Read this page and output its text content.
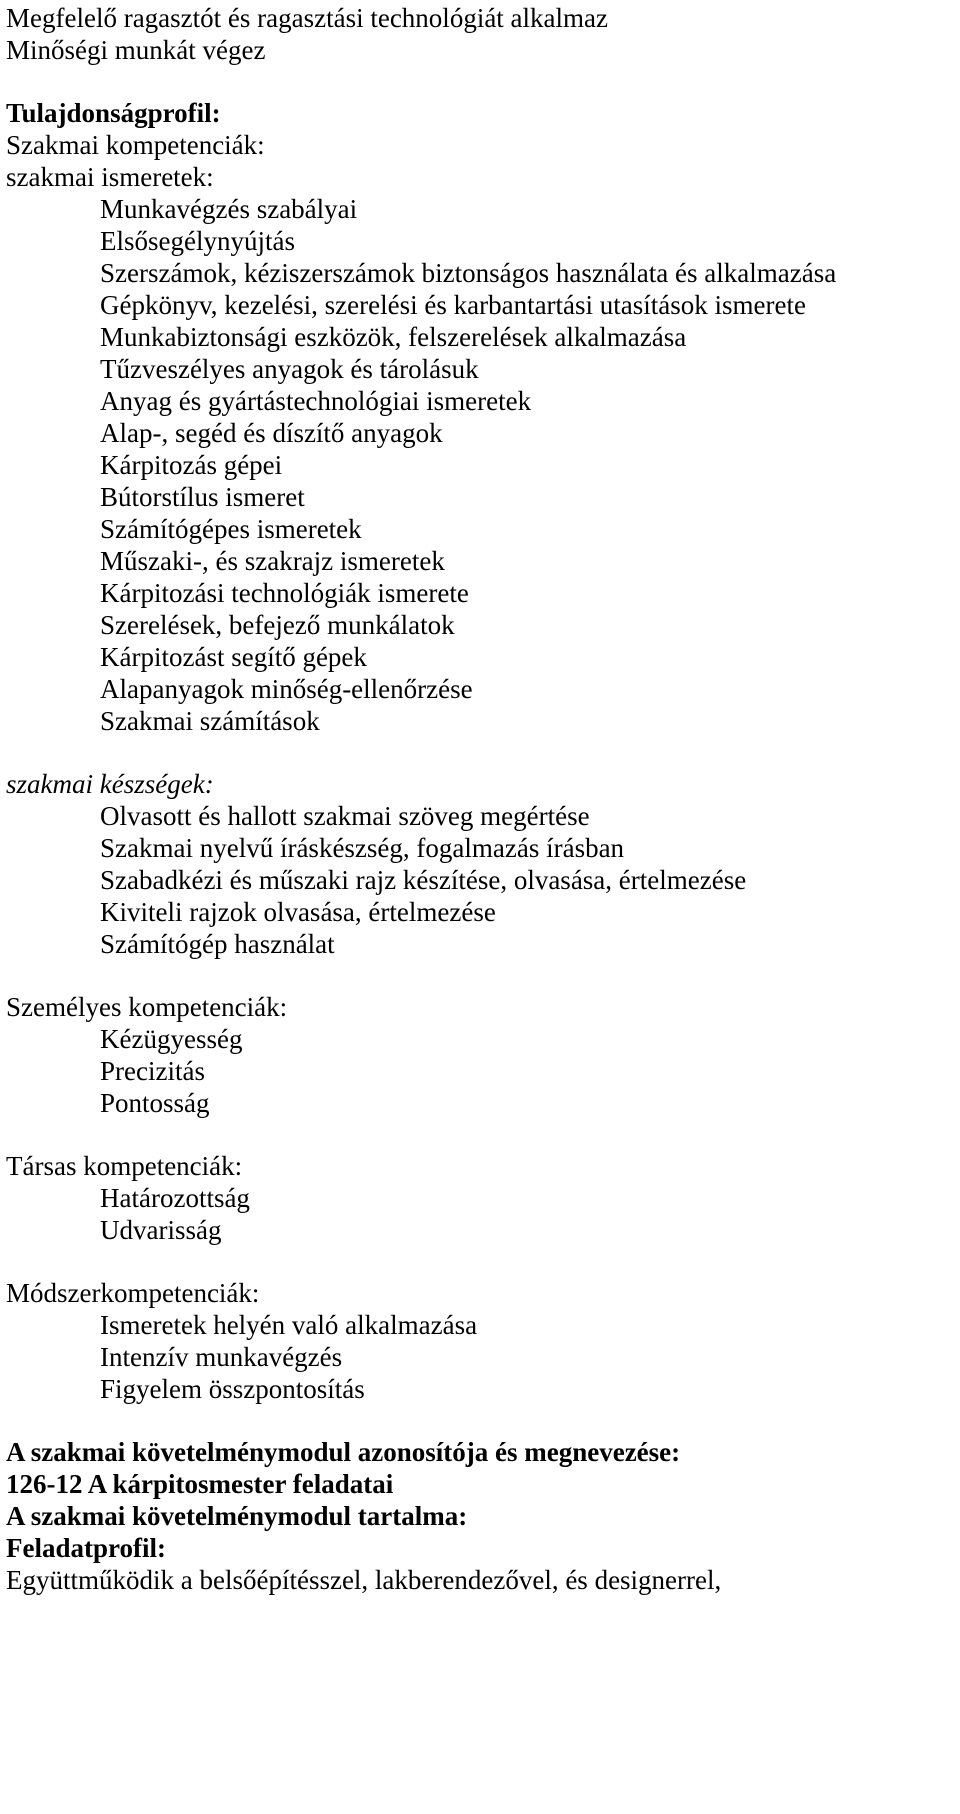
Megfelelő ragasztót és ragasztási technológiát alkalmaz
Minőségi munkát végez
Tulajdonságprofil:
Szakmai kompetenciák:
szakmai ismeretek:
Munkavégzés szabályai
Elsősegélynyújtás
Szerszámok, kéziszerszámok biztonságos használata és alkalmazása
Gépkönyv, kezelési, szerelési és karbantartási utasítások ismerete
Munkabiztonsági eszközök, felszerelések alkalmazása
Tűzveszélyes anyagok és tárolásuk
Anyag és gyártástechnológiai ismeretek
Alap-, segéd és díszítő anyagok
Kárpitozás gépei
Bútorstílus ismeret
Számítógépes ismeretek
Műszaki-, és szakrajz ismeretek
Kárpitozási technológiák ismerete
Szerelések, befejező munkálatok
Kárpitozást segítő gépek
Alapanyagok minőség-ellenőrzése
Szakmai számítások
szakmai készségek:
Olvasott és hallott szakmai szöveg megértése
Szakmai nyelvű íráskészség, fogalmazás írásban
Szabadkézi és műszaki rajz készítése, olvasása, értelmezése
Kiviteli rajzok olvasása, értelmezése
Számítógép használat
Személyes kompetenciák:
Kézügyesség
Precizitás
Pontosság
Társas kompetenciák:
Határozottság
Udvarisság
Módszerkompetenciák:
Ismeretek helyén való alkalmazása
Intenzív munkavégzés
Figyelem összpontosítás
A szakmai követelménymodul azonosítója és megnevezése:
126-12 A kárpitosmester feladatai
A szakmai követelménymodul tartalma:
Feladatprofil:
Együttműködik a belsőépítésszel, lakberendezővel, és designerrel,
